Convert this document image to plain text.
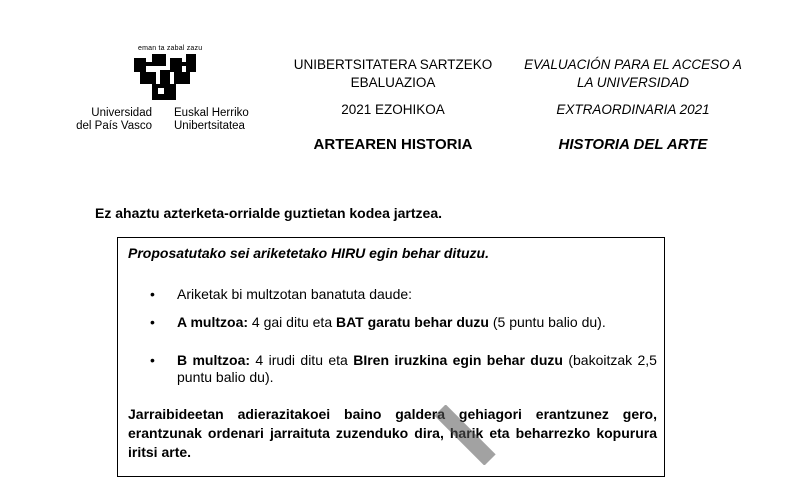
eman ta zabal zazu
Universidad
del País Vasco
Euskal Herriko
Unibertsitatea
UNIBERTSITATERA SARTZEKO
EBALUAZIOA
2021 EZOHIKOA
ARTEAREN HISTORIA
EVALUACIÓN PARA EL ACCESO A
LA UNIVERSIDAD
EXTRAORDINARIA 2021
HISTORIA DEL ARTE
Ez ahaztu azterketa-orrialde guztietan kodea jartzea.
Proposatutako sei ariketetako HIRU egin behar dituzu.
• Ariketak bi multzotan banatuta daude:
• A multzoa: 4 gai ditu eta BAT garatu behar duzu (5 puntu balio du).
• B multzoa: 4 irudi ditu eta BIren iruzkina egin behar duzu (bakoitzak 2,5 puntu balio du).
Jarraibideetan adierazitakoei baino galdera gehiagori erantzunez gero, erantzunak ordenari jarraituta zuzenduko dira, harik eta beharrezko kopurura iritsi arte.
